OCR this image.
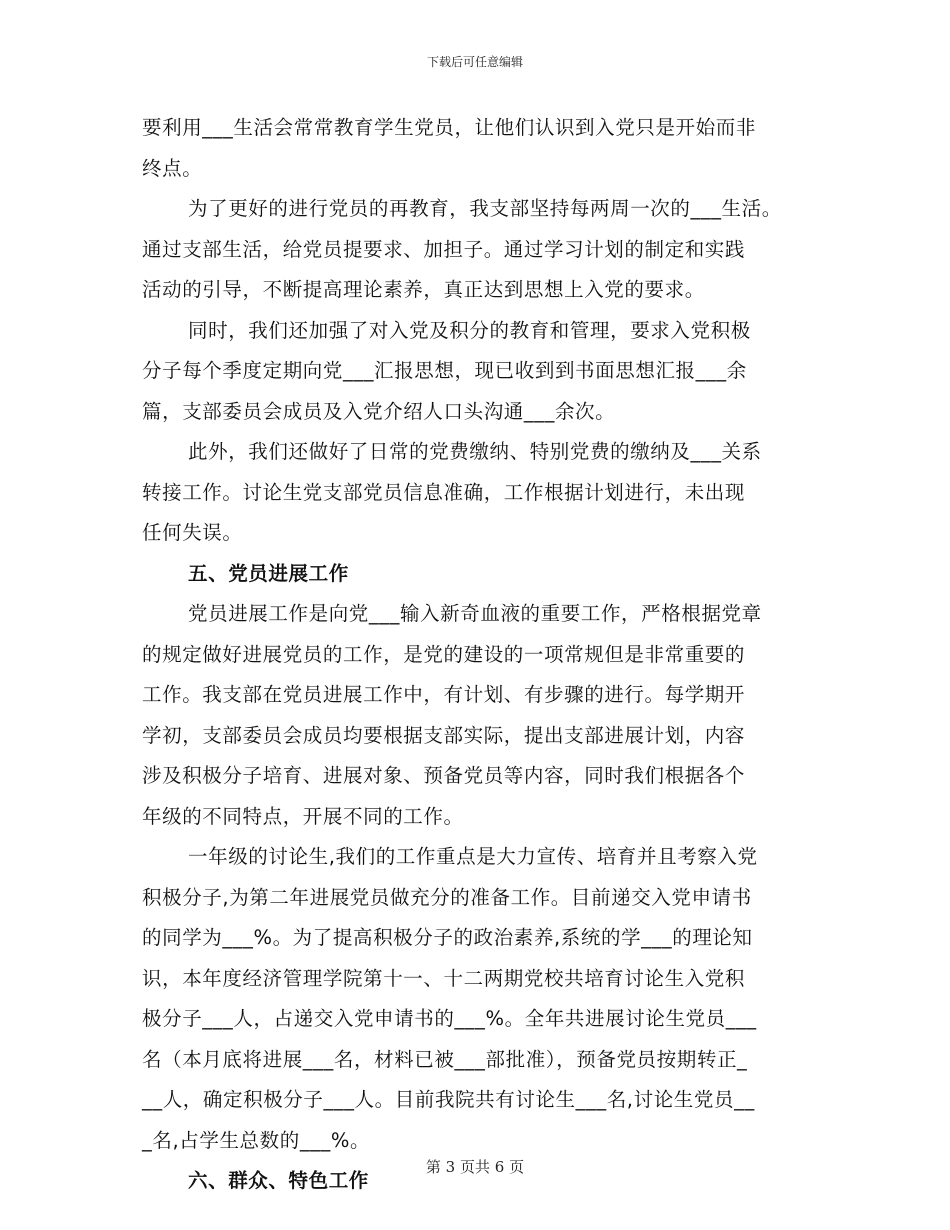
下载后可任意编辑
要利用___生活会常常教育学生党员，让他们认识到入党只是开始而非
终点。
为了更好的进行党员的再教育，我支部坚持每两周一次的___生活。
通过支部生活，给党员提要求、加担子。通过学习计划的制定和实践
活动的引导，不断提高理论素养，真正达到思想上入党的要求。
同时，我们还加强了对入党及积分的教育和管理，要求入党积极
分子每个季度定期向党___汇报思想，现已收到到书面思想汇报___余
篇，支部委员会成员及入党介绍人口头沟通___余次。
此外，我们还做好了日常的党费缴纳、特别党费的缴纳及___关系
转接工作。讨论生党支部党员信息准确，工作根据计划进行，未出现
任何失误。
五、党员进展工作
党员进展工作是向党___输入新奇血液的重要工作，严格根据党章
的规定做好进展党员的工作，是党的建设的一项常规但是非常重要的
工作。我支部在党员进展工作中，有计划、有步骤的进行。每学期开
学初，支部委员会成员均要根据支部实际，提出支部进展计划，内容
涉及积极分子培育、进展对象、预备党员等内容，同时我们根据各个
年级的不同特点，开展不同的工作。
一年级的讨论生,我们的工作重点是大力宣传、培育并且考察入党
积极分子,为第二年进展党员做充分的准备工作。目前递交入党申请书
的同学为___%。为了提高积极分子的政治素养,系统的学___的理论知
识，本年度经济管理学院第十一、十二两期党校共培育讨论生入党积
极分子___人，占递交入党申请书的___%。全年共进展讨论生党员___
名（本月底将进展___名，材料已被___部批准），预备党员按期转正_
__人，确定积极分子___人。目前我院共有讨论生___名,讨论生党员__
_名,占学生总数的___%。
六、群众、特色工作
第 3 页共 6 页
